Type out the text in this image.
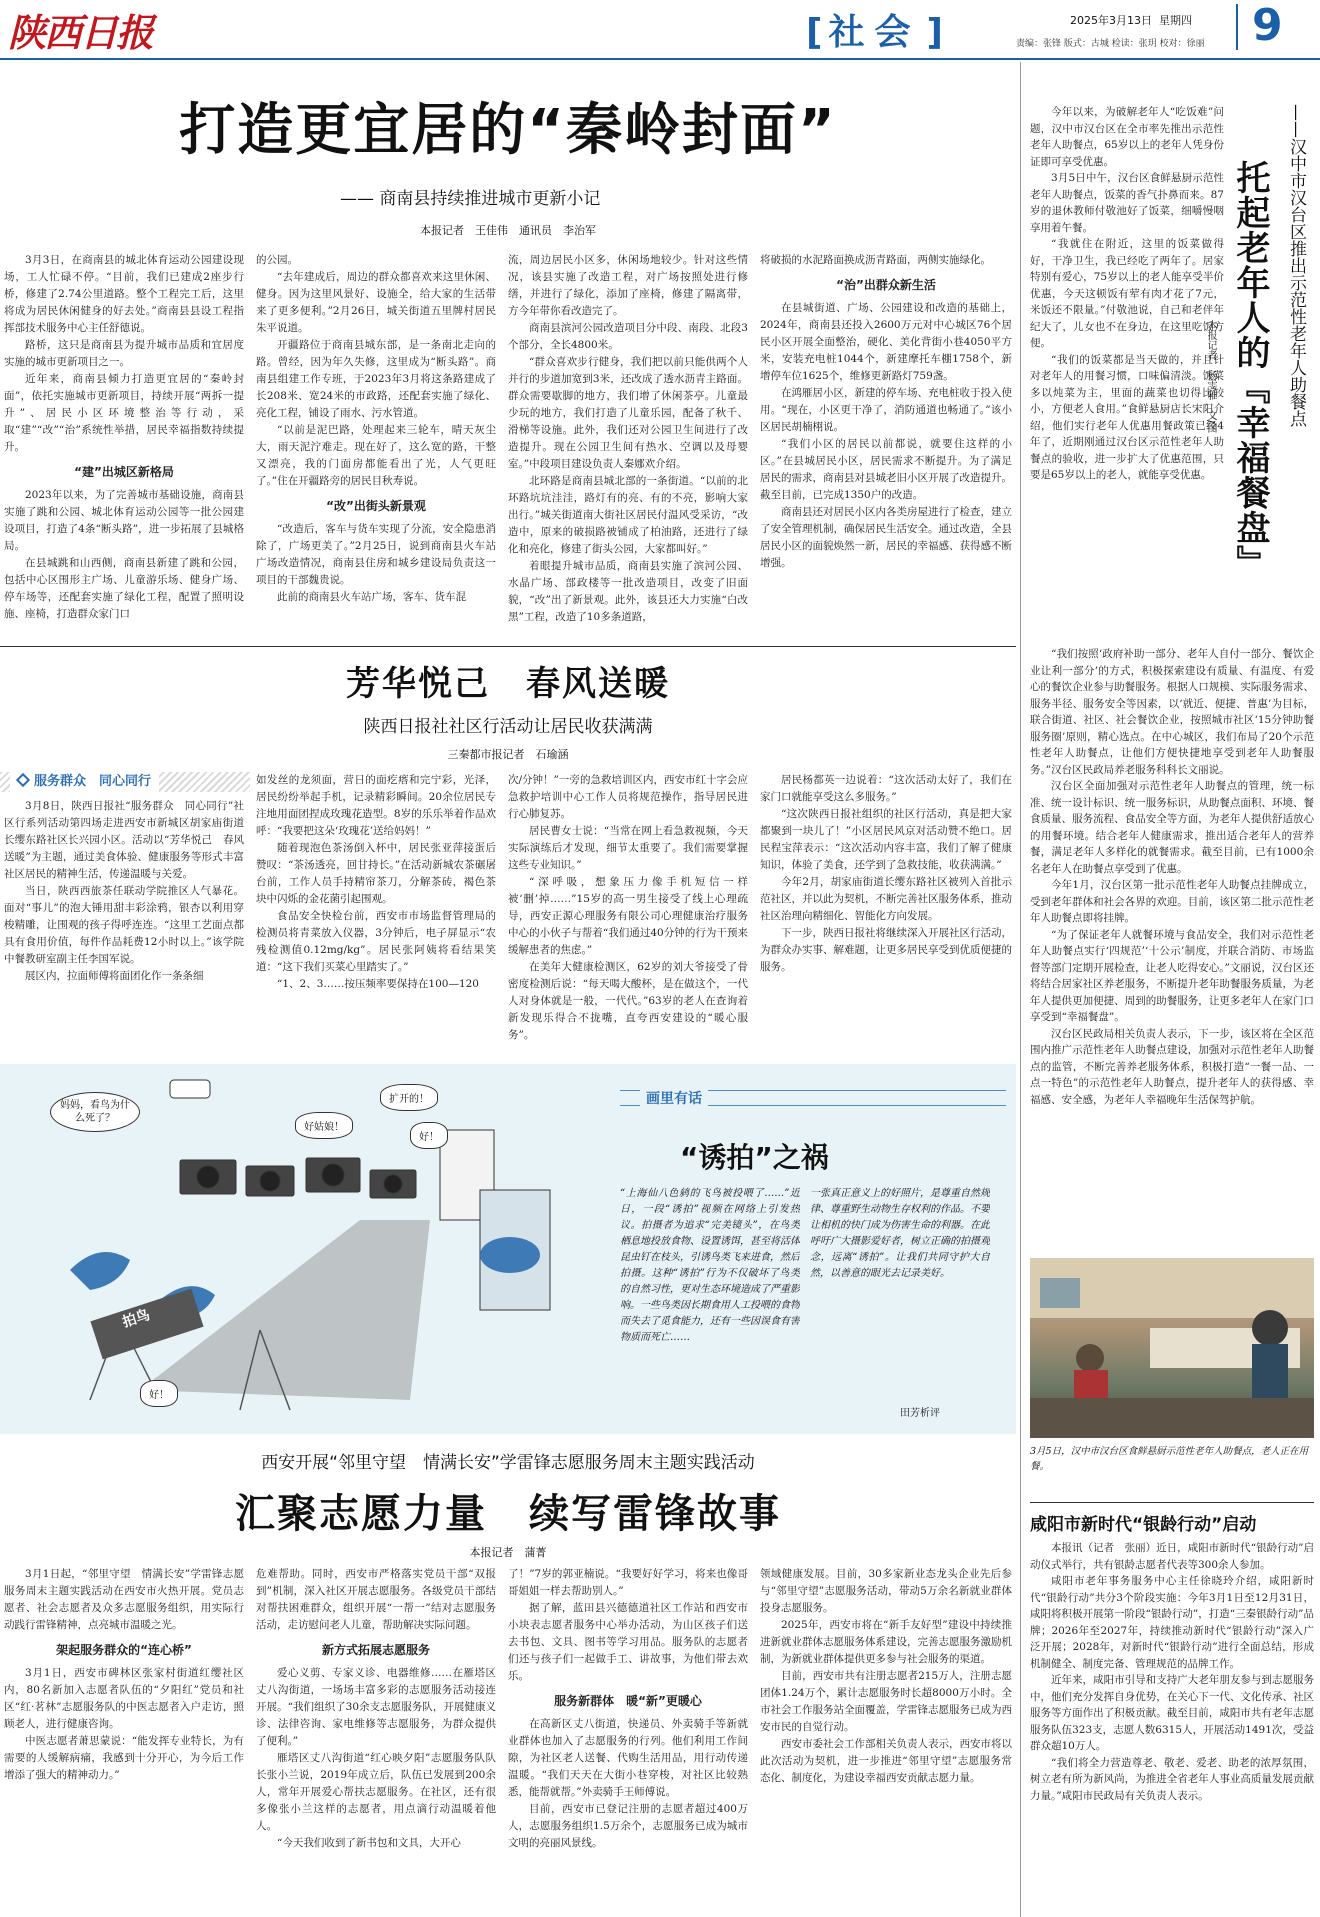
陕西日报	[ 社会 ]	2025年3月13日 星期四
责编：张锋 版式：古城 检读：张玥 校对：徐丽 9
打造更宜居的“秦岭封面”
—— 商南县持续推进城市更新小记
本报记者　王佳伟　通讯员　李治军

3月3日，在商南县的城北体育运动公园建设现场，工人忙碌不停。“目前，我们已建成2座步行桥，修建了2.74公里道路。整个工程完工后，这里将成为居民休闲健身的好去处。”商南县县设工程指挥部技术服务中心主任舒德说。

路桥，这只是商南县为提升城市品质和宜居度实施的城市更新项目之一。

近年来，商南县倾力打造更宜居的“秦岭封面”，依托实施城市更新项目，持续开展“两拆一提升”、居民小区环境整治等行动，采取“建”“改”“治”系统性举措，居民幸福指数持续提升。

“建”出城区新格局

2023年以来，为了完善城市基础设施，商南县实施了跳和公园、城北体育运动公园等一批公园建设项目，打造了4条“断头路”，进一步拓展了县城格局。

在县城跳和山西侧，商南县新建了跳和公园，包括中心区围形主广场、儿童游乐场、健身广场、停车场等，还配套实施了绿化工程，配置了照明设施、座椅，打造群众家门口

的公园。

“去年建成后，周边的群众都喜欢来这里休闲、健身。因为这里风景好、设施全，给大家的生活带来了更多便利。”2月26日，城关街道五里牌村居民朱平说道。

开疆路位于商南县城东部，是一条南北走向的路。曾经，因为年久失修，这里成为“断头路”。商南县组建工作专班，于2023年3月将这条路建成了长208米、宽24米的市政路，还配套实施了绿化、亮化工程，铺设了雨水、污水管道。

“以前是泥巴路，处理起来三轮车，晴天灰尘大，雨天泥泞难走。现在好了，这么宽的路，干整又漂亮，我的门面房都能看出了光，人气更旺了。”住在开疆路旁的居民目秋寿说。

“改”出街头新景观

“改造后，客车与货车实现了分流，安全隐患消除了，广场更美了。”2月25日，说到商南县火车站广场改造情况，商南县住房和城乡建设局负责这一项目的干部魏贵说。

此前的商南县火车站广场，客车、货车混

流，周边居民小区多，休闲场地较少。针对这些情况，该县实施了改造工程，对广场按照处进行修缮，并进行了绿化，添加了座椅，修建了隔离带，方今年带你看改造完了。

商南县滨河公园改造项目分中段、南段、北段3个部分，全长4800米。

“群众喜欢步行健身，我们把以前只能供两个人并行的步道加宽到3米，还改成了透水沥青主路面。群众需要歇脚的地方，我们增了休闲茶亭。儿童最少玩的地方，我们打造了儿童乐园，配备了秋千、滑梯等设施。此外，我们还对公园卫生间进行了改造提升。现在公园卫生间有热水、空调以及母婴室。”中段项目建设负责人秦娜欢介绍。

北环路是商南县城北部的一条街道。“以前的北环路坑坑洼洼，路灯有的亮、有的不亮，影响大家出行。”城关街道南大街社区居民付温风受采访，“改造中，原来的破损路被铺成了柏油路，还进行了绿化和亮化，修建了街头公园，大家都叫好。”

着眼提升城市品质，商南县实施了滨河公园、水晶广场、部政楼等一批改造项目，改变了旧面貌，“改”出了新景观。此外，该县还大力实施“白改黑”工程，改造了10多条道路，

将破损的水泥路面换成沥青路面，两侧实施绿化。

“治”出群众新生活

在县城街道、广场、公园建设和改造的基础上，2024年，商南县还投入2600万元对中心城区76个居民小区开展全面整治，硬化、美化背街小巷4050平方米，安装充电桩1044个，新建摩托车棚1758个，新增停车位1625个，维修更新路灯759盏。

在鸿雁居小区，新建的停车场、充电桩收于投入使用。“现在，小区更干净了，消防通道也畅通了。”该小区居民胡楠栩说。

“我们小区的居民以前都说，就要住这样的小区。”在县城居民小区，居民需求不断提升。为了满足居民的需求，商南县对县城老旧小区开展了改造提升。截至目前，已完成1350户的改造。

商南县还对居民小区内各类房屋进行了检查，建立了安全管理机制，确保居民生活安全。通过改造，全县居民小区的面貌焕然一新，居民的幸福感、获得感不断增强。

芳华悦己　春风送暖
陕西日报社社区行活动让居民收获满满
三秦都市报记者　石瑜涵
服务群众　同心同行

3月8日，陕西日报社“服务群众　同心同行”社区行系列活动第四场走进西安市新城区胡家庙街道长缨东路社区长兴园小区。活动以“芳华悦己　春风送暖”为主题，通过美食体验、健康服务等形式丰富社区居民的精神生活，传递温暖与关爱。

当日，陕西西旅茶任联动学院推区人气暴花。面对“事儿”的泡大锤用甜丰彩涂鸦，银杏以利用穿梭精雕，让围观的孩子得呼连连。“这里工艺面点都具有食用价值，每件作品耗费12小时以上。”该学院中餐教研室副主任李国军说。

展区内，拉面师傅将面团化作一条条细

如发丝的龙须面，营日的面疙瘩和完宁彩，光泽，居民纷纷举起手机，记录精彩瞬间。20余位居民专注地用面团捏成玫瑰花造型。8岁的乐乐举着作品欢呼：“我要把这朵‘玫瑰花’送给妈妈！”

随着现泡色茶汤倒入杯中，居民张亚萍接蛋后赞叹：“茶汤透亮，回甘持长。”在活动新城农茶碾屠台前，工作人员手持精帘茶刀，分解茶砖，褐色茶块中闪烁的金花菌引起围观。

食品安全快检台前，西安市市场监督管理局的检测员将青菜放入仪器，3分钟后，电子屏显示“农残检测值0.12mg/kg”。居民张阿姨将看结果笑道：“这下我们买菜心里踏实了。”

“1、2、3……按压频率要保持在100—120

次/分钟！”一旁的急救培训区内，西安市红十字会应急救护培训中心工作人员将规范操作，指导居民进行心肺复苏。

居民曹女士说：“当常在网上看急救视频，今天实际演练后才发现，细节太重要了。我们需要掌握这些专业知识。”

“深呼吸，想象压力像手机短信一样被‘删’掉……”15岁的高一男生接受了线上心理疏导，西安正源心理服务有限公司心理健康治疗服务中心的小伙子与帮着“我们通过40分钟的行为干预来缓解患者的焦虑。”

在美年大健康检测区，62岁的刘大爷接受了骨密度检测后说：“每天喝大酸杯，是在做这个，一代人对身体就是一般，一代代。”63岁的老人在查询着新发现乐得合不拢嘴，直夸西安建设的“暖心服务”。

居民杨都英一边说着：“这次活动太好了，我们在家门口就能享受这么多服务。”

“这次陕西日报社组织的社区行活动，真是把大家都聚到一块儿了！”小区居民风京对活动赞不绝口。居民程宝萍表示：“这次活动内容丰富，我们了解了健康知识，体验了美食，还学到了急救技能，收获满满。”

今年2月，胡家庙街道长缨东路社区被列入首批示范社区，并以此为契机，不断完善社区服务体系，推动社区治理向精细化、智能化方向发展。

下一步，陕西日报社将继续深入开展社区行活动，为群众办实事、解难题，让更多居民享受到优质便捷的服务。

妈妈，看鸟为什么死了？
好姑娘！
扩开的！
好！
好！
拍鸟
画里有话
“诱拍”之祸
“上海仙八色鸫的飞鸟被投喂了……”近日，一段“诱拍”视频在网络上引发热议。拍摄者为追求“完美镜头”，在鸟类栖息地投放食物、设置诱饵，甚至将活体昆虫钉在枝头，引诱鸟类飞来进食，然后拍摄。这种“诱拍”行为不仅破坏了鸟类的自然习性，更对生态环境造成了严重影响。一些鸟类因长期食用人工投喂的食物而失去了觅食能力，还有一些因误食有害物质而死亡……
一张真正意义上的好照片，是尊重自然规律、尊重野生动物生存权利的作品。不要让相机的快门成为伤害生命的利器。在此呼吁广大摄影爱好者，树立正确的拍摄观念，远离“诱拍”。让我们共同守护大自然，以善意的眼光去记录美好。
田芳析评
西安开展“邻里守望　情满长安”学雷锋志愿服务周末主题实践活动
汇聚志愿力量　续写雷锋故事
本报记者　蒲菁

3月1日起，“邻里守望　情满长安”学雷锋志愿服务周末主题实践活动在西安市火热开展。党员志愿者、社会志愿者及众多志愿服务组织，用实际行动践行雷锋精神，点亮城市温暖之光。

架起服务群众的“连心桥”

3月1日，西安市碑林区张家村街道红缨社区内，80名新加入志愿者队伍的“夕阳红”党员和社区“红·茗林”志愿服务队的中医志愿者入户走访，照顾老人，进行健康咨询。

中医志愿者萧思蒙说：“能发挥专业特长，为有需要的人缓解病痛，我感到十分开心，为今后工作增添了强大的精神动力。”

危难帮助。同时，西安市严格落实党员干部“双报到”机制，深入社区开展志愿服务。各级党员干部结对帮扶困难群众，组织开展“一帮一”结对志愿服务活动，走访慰问老人儿童，帮助解决实际问题。

新方式拓展志愿服务

爱心义剪、专家义诊、电器维修……在雁塔区丈八沟街道，一场场丰富多彩的志愿服务活动接连开展。“我们组织了30余支志愿服务队，开展健康义诊、法律咨询、家电维修等志愿服务，为群众提供了便利。”

雁塔区丈八沟街道“红心映夕阳”志愿服务队队长张小兰说，2019年成立后，队伍已发展到200余人，常年开展爱心帮扶志愿服务。在社区，还有很多像张小兰这样的志愿者，用点滴行动温暖着他人。

“今天我们收到了新书包和文具，大开心

了！”7岁的郭亚楠说。“我要好好学习，将来也像哥哥姐姐一样去帮助别人。”

据了解，蓝田县兴德德道社区工作站和西安市小块表志愿者服务中心举办活动，为山区孩子们送去书包、文具、图书等学习用品。服务队的志愿者们还与孩子们一起做手工、讲故事，为他们带去欢乐。

服务新群体　暖“新”更暖心

在高新区丈八街道，快递员、外卖骑手等新就业群体也加入了志愿服务的行列。他们利用工作间隙，为社区老人送餐、代购生活用品，用行动传递温暖。“我们天天在大街小巷穿梭，对社区比较熟悉，能帮就帮。”外卖骑手王师傅说。

目前，西安市已登记注册的志愿者超过400万人，志愿服务组织1.5万余个，志愿服务已成为城市文明的亮丽风景线。

领域健康发展。目前，30多家新业态龙头企业先后参与“邻里守望”志愿服务活动，带动5万余名新就业群体投身志愿服务。

2025年，西安市将在“新手友好型”建设中持续推进新就业群体志愿服务体系建设，完善志愿服务激励机制，为新就业群体提供更多参与社会服务的渠道。

目前，西安市共有注册志愿者215万人，注册志愿团体1.24万个，累计志愿服务时长超8000万小时。全市社会工作服务站全面覆盖，学雷锋志愿服务已成为西安市民的自觉行动。

西安市委社会工作部相关负责人表示，西安市将以此次活动为契机，进一步推进“邻里守望”志愿服务常态化、制度化，为建设幸福西安贡献志愿力量。

今年以来，为破解老年人“吃饭难”问题，汉中市汉台区在全市率先推出示范性老年人助餐点，65岁以上的老年人凭身份证即可享受优惠。

3月5日中午，汉台区食鲜悬厨示范性老年人助餐点，饭菜的香气扑鼻而来。87岁的退休教师付敬池好了饭菜，细嚼慢咽享用着午餐。

“我就住在附近，这里的饭菜做得好，干净卫生，我已经吃了两年了。居家特别有爱心，75岁以上的老人能享受半价优惠，今天这顿饭有荤有肉才花了7元，米饭还不限量。”付敬池说，自己和老伴年纪大了，儿女也不在身边，在这里吃饭方便。

“我们的饭菜都是当天做的，并且针对老年人的用餐习惯，口味偏清淡。饭菜多以炖菜为主，里面的蔬菜也切得比较小，方便老人食用。”食鲜悬厨店长宋阳介绍，他们实行老年人优惠用餐政策已经4年了，近期刚通过汉台区示范性老年人助餐点的验收，进一步扩大了优惠范围，只要是65岁以上的老人，就能享受优惠。

本报记者　杨雯雅　文/图 托起老年人的『幸福餐盘』 ——汉中市汉台区推出示范性老年人助餐点

“我们按照‘政府补助一部分、老年人自付一部分、餐饮企业让利一部分’的方式，积极探索建设有质量、有温度、有爱心的餐饮企业参与助餐服务。根据人口规模、实际服务需求、服务半径、服务安全等因素，以‘就近、便捷、普惠’为目标，联合街道、社区、社会餐饮企业，按照城市社区‘15分钟助餐服务圈’原则，精心选点。在中心城区，我们布局了20个示范性老年人助餐点，让他们方便快捷地享受到老年人助餐服务。”汉台区民政局养老服务科科长文丽说。

汉台区全面加强对示范性老年人助餐点的管理，统一标准、统一设计标识、统一服务标识，从助餐点面积、环境、餐食质量、服务流程、食品安全等方面，为老年人提供舒适放心的用餐环境。结合老年人健康需求，推出适合老年人的营养餐，满足老年人多样化的就餐需求。截至目前，已有1000余名老年人在助餐点享受到了优惠。

今年1月，汉台区第一批示范性老年人助餐点挂牌成立，受到老年群体和社会各界的欢迎。目前，该区第二批示范性老年人助餐点即将挂牌。

“为了保证老年人就餐环境与食品安全，我们对示范性老年人助餐点实行‘四规范’‘十公示’制度，并联合消防、市场监督等部门定期开展检查，让老人吃得安心。”文丽说，汉台区还将结合居家社区养老服务，不断提升老年助餐服务质量，为老年人提供更加便捷、周到的助餐服务，让更多老年人在家门口享受到“幸福餐盘”。

汉台区民政局相关负责人表示，下一步，该区将在全区范围内推广示范性老年人助餐点建设，加强对示范性老年人助餐点的监管，不断完善养老服务体系，积极打造“一餐一品、一点一特色”的示范性老年人助餐点，提升老年人的获得感、幸福感、安全感，为老年人幸福晚年生活保驾护航。

3月5日，汉中市汉台区食鲜悬厨示范性老年人助餐点，老人正在用餐。
咸阳市新时代“银龄行动”启动

本报讯（记者　张丽）近日，咸阳市新时代“银龄行动”启动仪式举行，共有银龄志愿者代表等300余人参加。

咸阳市老年事务服务中心主任徐晓玲介绍，咸阳新时代“银龄行动”共分3个阶段实施：今年3月1日至12月31日，咸阳将积极开展第一阶段“银龄行动”，打造“三秦银龄行动”品牌；2026年至2027年，持续推动新时代“银龄行动”深入广泛开展；2028年，对新时代“银龄行动”进行全面总结，形成机制健全、制度完备、管理规范的品牌工作。

近年来，咸阳市引导和支持广大老年朋友参与到志愿服务中，他们充分发挥自身优势，在关心下一代、文化传承、社区服务等方面作出了积极贡献。截至目前，咸阳市共有老年志愿服务队伍323支，志愿人数6315人，开展活动1491次，受益群众超10万人。

“我们将全力营造尊老、敬老、爱老、助老的浓厚氛围，树立老有所为新风尚，为推进全省老年人事业高质量发展贡献力量。”咸阳市民政局有关负责人表示。
